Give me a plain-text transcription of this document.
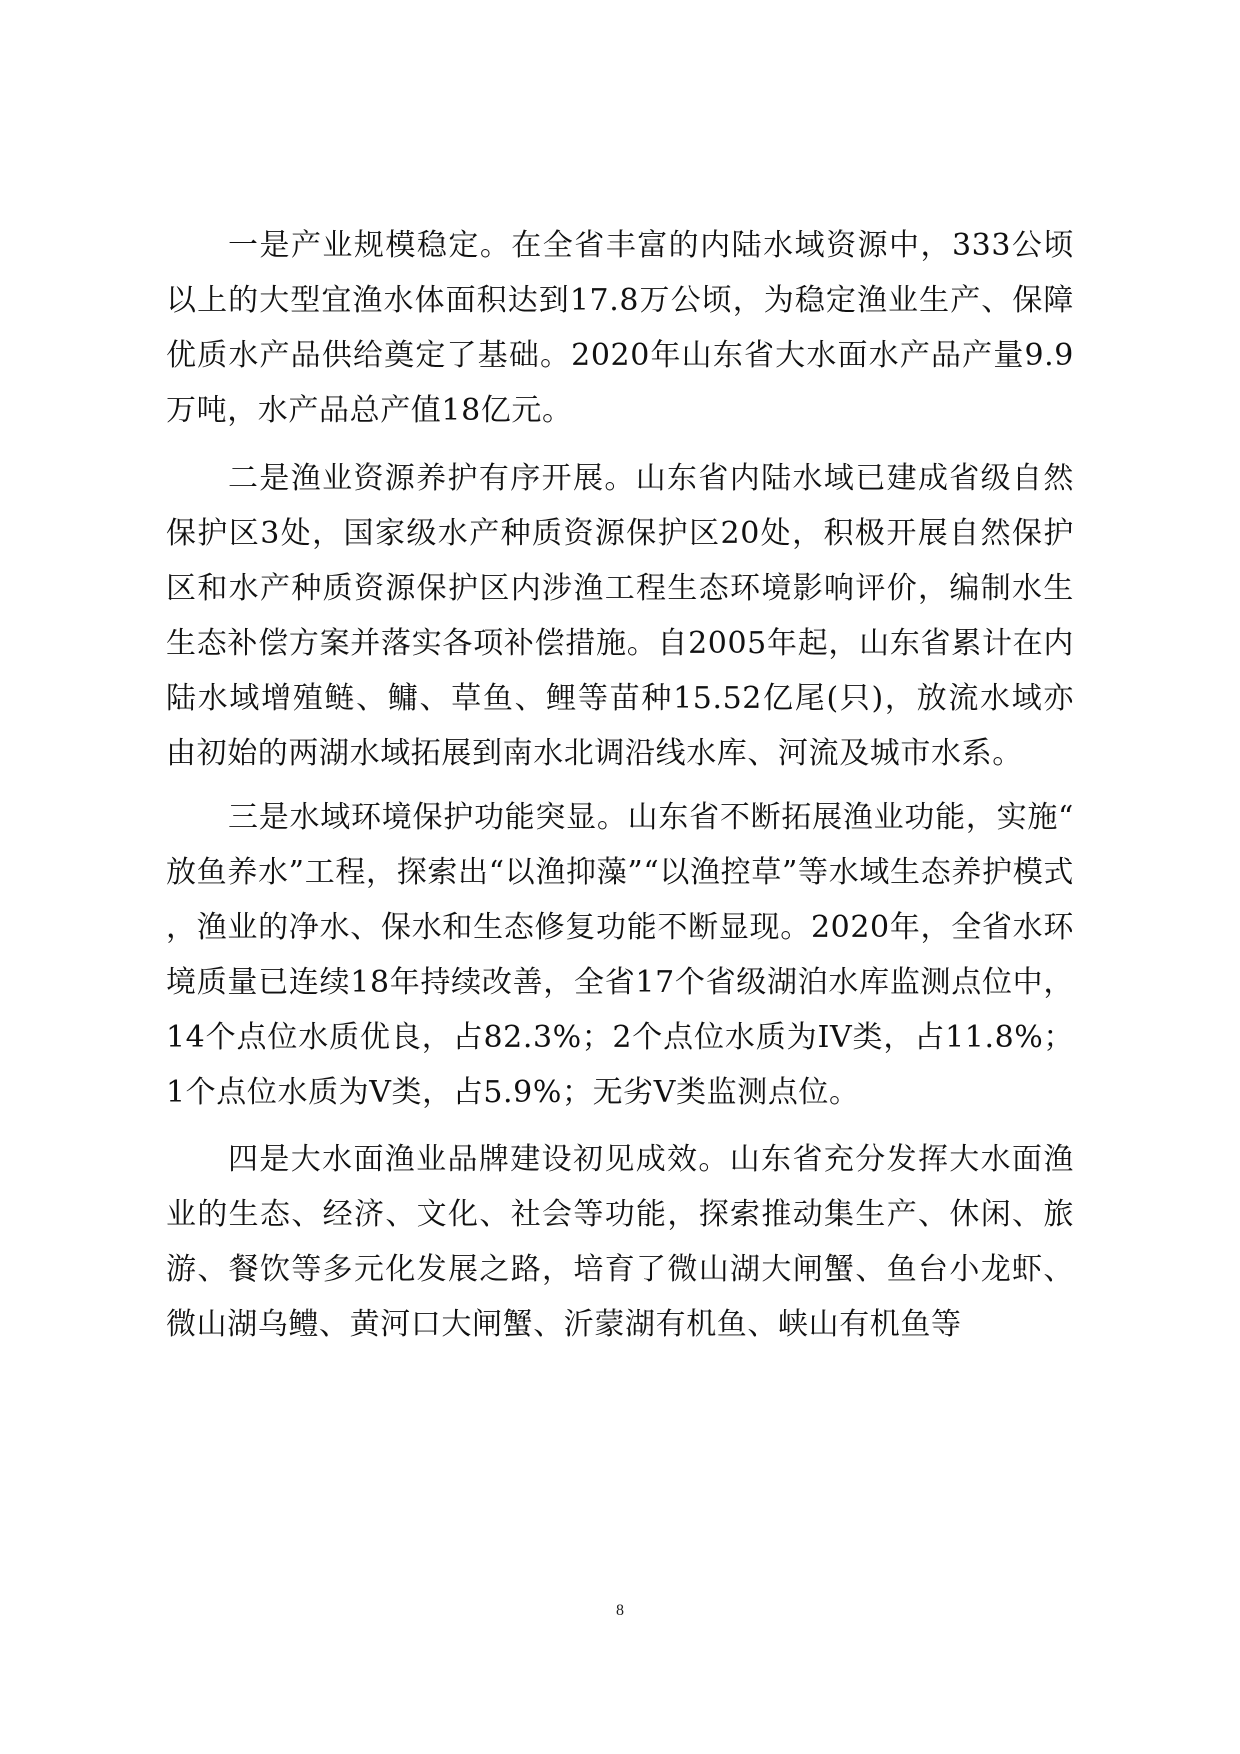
一是产业规模稳定。在全省丰富的内陆水域资源中，333公顷以上的大型宜渔水体面积达到17.8万公顷，为稳定渔业生产、保障优质水产品供给奠定了基础。2020年山东省大水面水产品产量9.9万吨，水产品总产值18亿元。

二是渔业资源养护有序开展。山东省内陆水域已建成省级自然保护区3处，国家级水产种质资源保护区20处，积极开展自然保护区和水产种质资源保护区内涉渔工程生态环境影响评价，编制水生生态补偿方案并落实各项补偿措施。自2005年起，山东省累计在内陆水域增殖鲢、鳙、草鱼、鲤等苗种15.52亿尾(只)，放流水域亦由初始的两湖水域拓展到南水北调沿线水库、河流及城市水系。

三是水域环境保护功能突显。山东省不断拓展渔业功能，实施“放鱼养水”工程，探索出“以渔抑藻”“以渔控草”等水域生态养护模式，渔业的净水、保水和生态修复功能不断显现。2020年，全省水环境质量已连续18年持续改善，全省17个省级湖泊水库监测点位中，14个点位水质优良，占82.3%；2个点位水质为IV类，占11.8%；1个点位水质为V类，占5.9%；无劣V类监测点位。

四是大水面渔业品牌建设初见成效。山东省充分发挥大水面渔业的生态、经济、文化、社会等功能，探索推动集生产、休闲、旅游、餐饮等多元化发展之路，培育了微山湖大闸蟹、鱼台小龙虾、微山湖乌鳢、黄河口大闸蟹、沂蒙湖有机鱼、峡山有机鱼等

8
